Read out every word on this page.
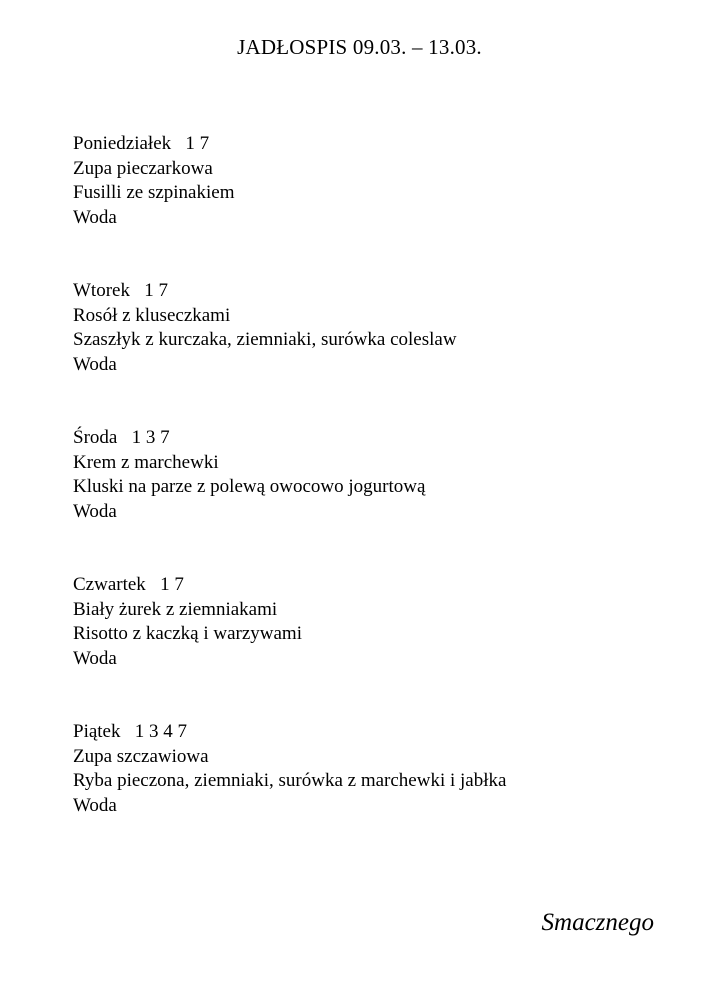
JADŁOSPIS 09.03. – 13.03.
Poniedziałek 1 7
Zupa pieczarkowa
Fusilli ze szpinakiem
Woda
Wtorek 1 7
Rosół z kluseczkami
Szaszłyk z kurczaka, ziemniaki, surówka coleslaw
Woda
Środa 1 3 7
Krem z marchewki
Kluski na parze z polewą owocowo jogurtową
Woda
Czwartek 1 7
Biały żurek z ziemniakami
Risotto z kaczką i warzywami
Woda
Piątek 1 3 4 7
Zupa szczawiowa
Ryba pieczona, ziemniaki, surówka z marchewki i jabłka
Woda
Smacznego
